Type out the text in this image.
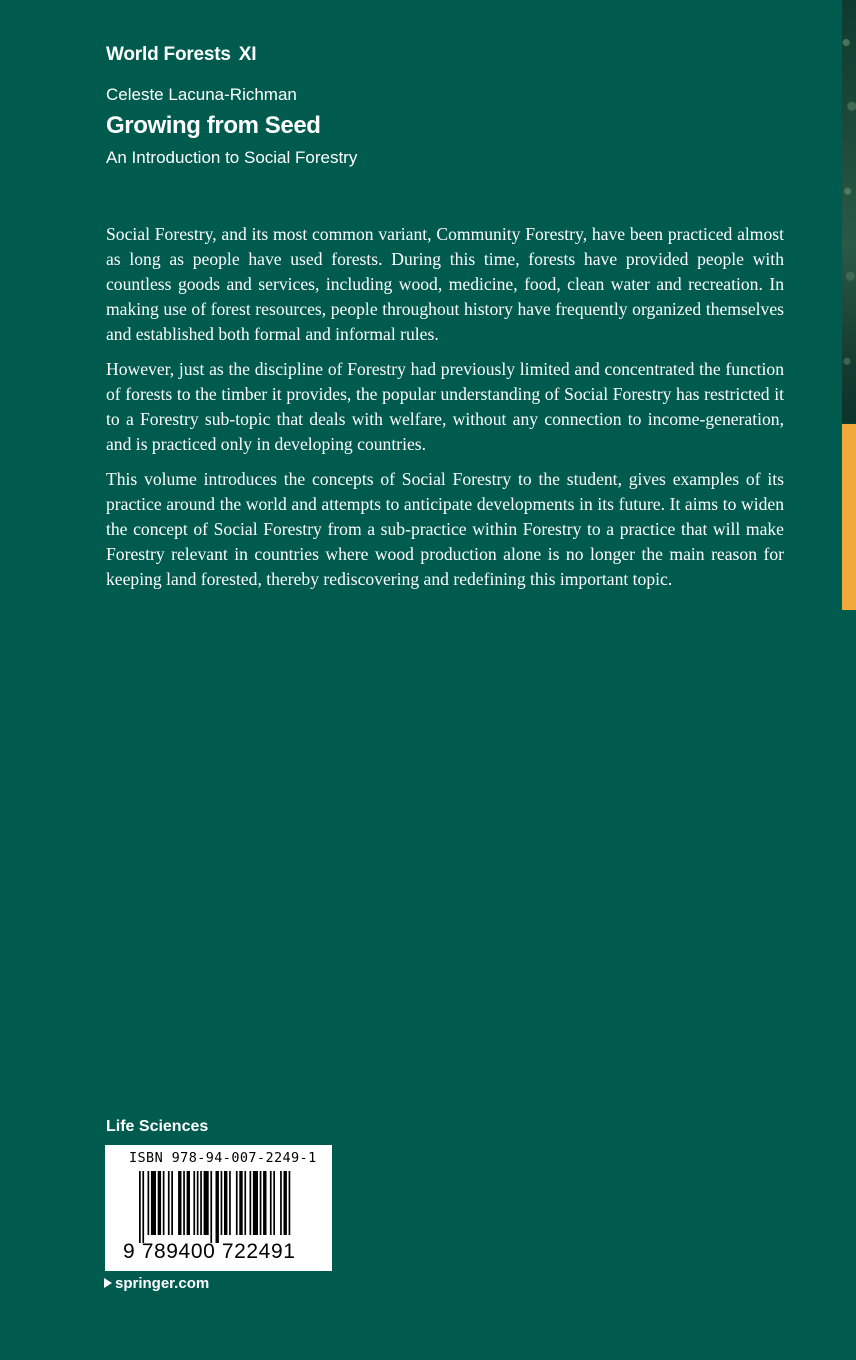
World Forests XI
Celeste Lacuna-Richman
Growing from Seed
An Introduction to Social Forestry

Social Forestry, and its most common variant, Community Forestry, have been practiced almost as long as people have used forests. During this time, forests have provided people with countless goods and services, including wood, medicine, food, clean water and recreation. In making use of forest resources, people throughout history have frequently organized themselves and established both formal and informal rules.

However, just as the discipline of Forestry had previously limited and concentrated the function of forests to the timber it provides, the popular understanding of Social Forestry has restricted it to a Forestry sub-topic that deals with welfare, without any connection to income-generation, and is practiced only in developing countries.

This volume introduces the concepts of Social Forestry to the student, gives examples of its practice around the world and attempts to anticipate developments in its future. It aims to widen the concept of Social Forestry from a sub-practice within Forestry to a practice that will make Forestry relevant in countries where wood production alone is no longer the main reason for keeping land forested, thereby rediscovering and redefining this important topic.

Life Sciences
ISBN 978-94-007-2249-1
9 789400 722491
springer.com
